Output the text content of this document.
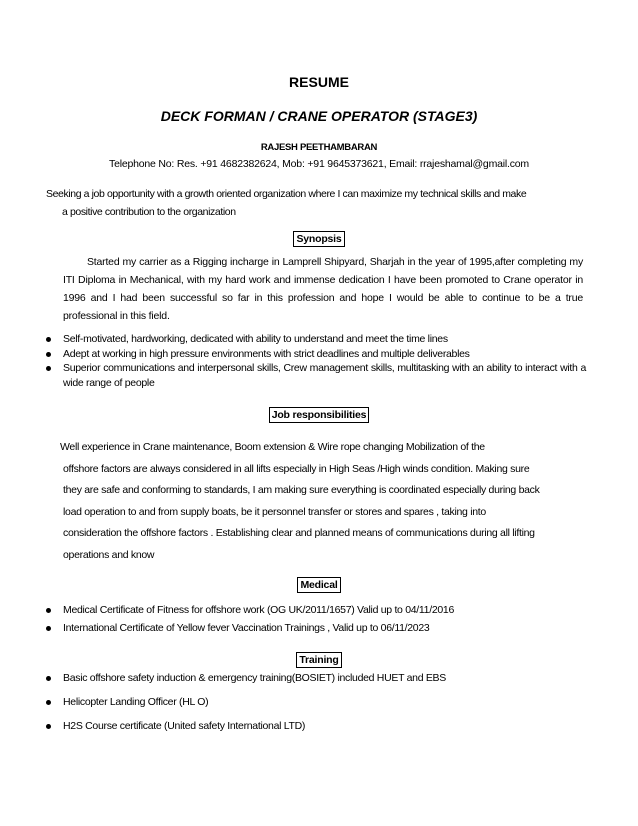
RESUME

DECK FORMAN / CRANE OPERATOR (STAGE3)

RAJESH PEETHAMBARAN

Telephone No: Res. +91 4682382624, Mob: +91 9645373621, Email: rrajeshamal@gmail.com

Seeking a job opportunity with a growth oriented organization where I can maximize my technical skills and make
a positive contribution to the organization
Synopsis

Started my carrier as a Rigging incharge in Lamprell Shipyard, Sharjah in the year of 1995,after completing my ITI Diploma in Mechanical, with my hard work and immense dedication I have been promoted to Crane operator in 1996 and I had been successful so far in this profession and hope I would be able to continue to be a true professional in this field.

Self-motivated, hardworking, dedicated with ability to understand and meet the time lines
Adept at working in high pressure environments with strict deadlines and multiple deliverables
Superior communications and interpersonal skills, Crew management skills, multitasking with an ability to interact with a wide range of people
Job responsibilities
Well experience in Crane maintenance, Boom extension & Wire rope changing Mobilization of the
offshore factors are always considered in all lifts especially in High Seas /High winds condition. Making sure
they are safe and conforming to standards, I am making sure everything is coordinated especially during back
load operation to and from supply boats, be it personnel transfer or stores and spares , taking into
consideration the offshore factors . Establishing clear and planned means of communications during all lifting
operations and know
Medical
Medical Certificate of Fitness for offshore work (OG UK/2011/1657) Valid up to 04/11/2016
International Certificate of Yellow fever Vaccination Trainings , Valid up to 06/11/2023
Training
Basic offshore safety induction & emergency training(BOSIET) included HUET and EBS
Helicopter Landing Officer (HL O)
H2S Course certificate (United safety International LTD)
